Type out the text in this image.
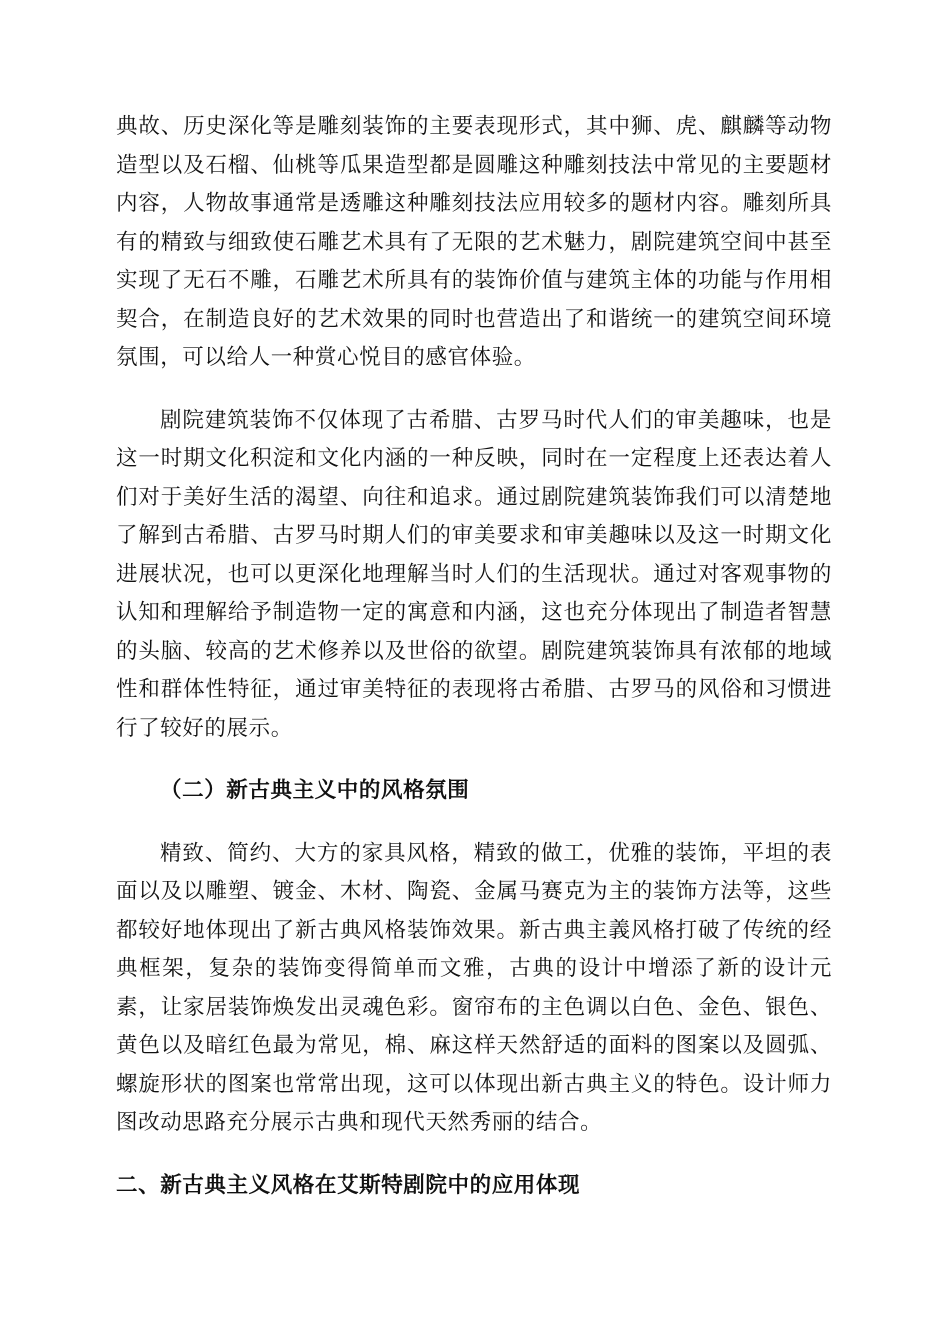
典故、历史深化等是雕刻装饰的主要表现形式，其中狮、虎、麒麟等动物
造型以及石榴、仙桃等瓜果造型都是圆雕这种雕刻技法中常见的主要题材
内容，人物故事通常是透雕这种雕刻技法应用较多的题材内容。雕刻所具
有的精致与细致使石雕艺术具有了无限的艺术魅力，剧院建筑空间中甚至
实现了无石不雕，石雕艺术所具有的装饰价值与建筑主体的功能与作用相
契合，在制造良好的艺术效果的同时也营造出了和谐统一的建筑空间环境
氛围，可以给人一种赏心悦目的感官体验。
剧院建筑装饰不仅体现了古希腊、古罗马时代人们的审美趣味，也是
这一时期文化积淀和文化内涵的一种反映，同时在一定程度上还表达着人
们对于美好生活的渴望、向往和追求。通过剧院建筑装饰我们可以清楚地
了解到古希腊、古罗马时期人们的审美要求和审美趣味以及这一时期文化
进展状况，也可以更深化地理解当时人们的生活现状。通过对客观事物的
认知和理解给予制造物一定的寓意和内涵，这也充分体现出了制造者智慧
的头脑、较高的艺术修养以及世俗的欲望。剧院建筑装饰具有浓郁的地域
性和群体性特征，通过审美特征的表现将古希腊、古罗马的风俗和习惯进
行了较好的展示。
（二）新古典主义中的风格氛围
精致、简约、大方的家具风格，精致的做工，优雅的装饰，平坦的表
面以及以雕塑、镀金、木材、陶瓷、金属马赛克为主的装饰方法等，这些
都较好地体现出了新古典风格装饰效果。新古典主義风格打破了传统的经
典框架，复杂的装饰变得简单而文雅，古典的设计中增添了新的设计元
素，让家居装饰焕发出灵魂色彩。窗帘布的主色调以白色、金色、银色、
黄色以及暗红色最为常见，棉、麻这样天然舒适的面料的图案以及圆弧、
螺旋形状的图案也常常出现，这可以体现出新古典主义的特色。设计师力
图改动思路充分展示古典和现代天然秀丽的结合。
二、新古典主义风格在艾斯特剧院中的应用体现
